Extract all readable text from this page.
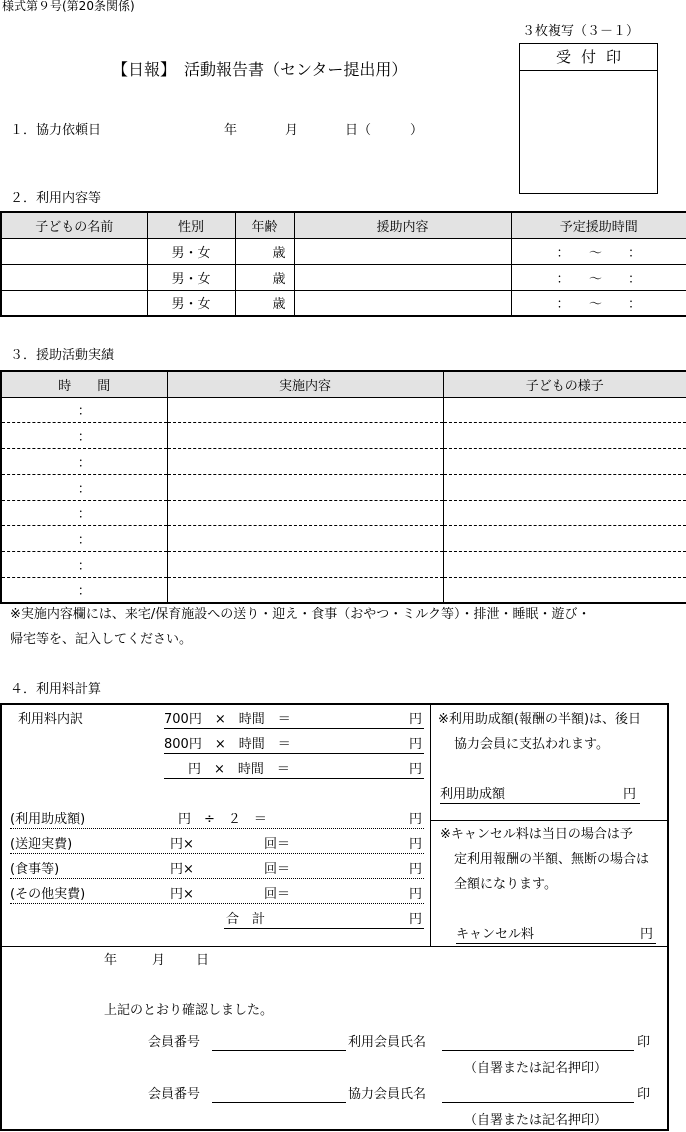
様式第９号(第20条関係)
３枚複写（３－１）
受付印
【日報】　活動報告書（センター提出用）
１．協力依頼日	年	月	日（　　　）
２．利用内容等
子どもの名前	性別	年齢	援助内容	予定援助時間
	男・女	歳		：　　～　　：
	男・女	歳		：　　～　　：
	男・女	歳		：　　～　　：
３．援助活動実績
時　　間	実施内容	子どもの様子
：		
：		
：		
：		
：		
：		
：		
：		
※実施内容欄には、来宅/保育施設への送り・迎え・食事（おやつ・ミルク等）・排泄・睡眠・遊び・
帰宅等を、記入してください。
４．利用料計算
利用料内訳	700円　×　時間　＝	円
800円　×　時間　＝	円
円　×　時間　＝	円
(利用助成額)	円　÷　２　＝	円
(送迎実費)	円×	回＝	円
(食事等)	円×	回＝	円
(その他実費)	円×	回＝	円
合　計	円
※利用助成額(報酬の半額)は、後日
協力会員に支払われます。
利用助成額	円
※キャンセル料は当日の場合は予
定利用報酬の半額、無断の場合は
全額になります。
キャンセル料	円
年	月 日
上記のとおり確認しました。
会員番号	利用会員氏名	印
（自署または記名押印）
会員番号	協力会員氏名	印
（自署または記名押印）
